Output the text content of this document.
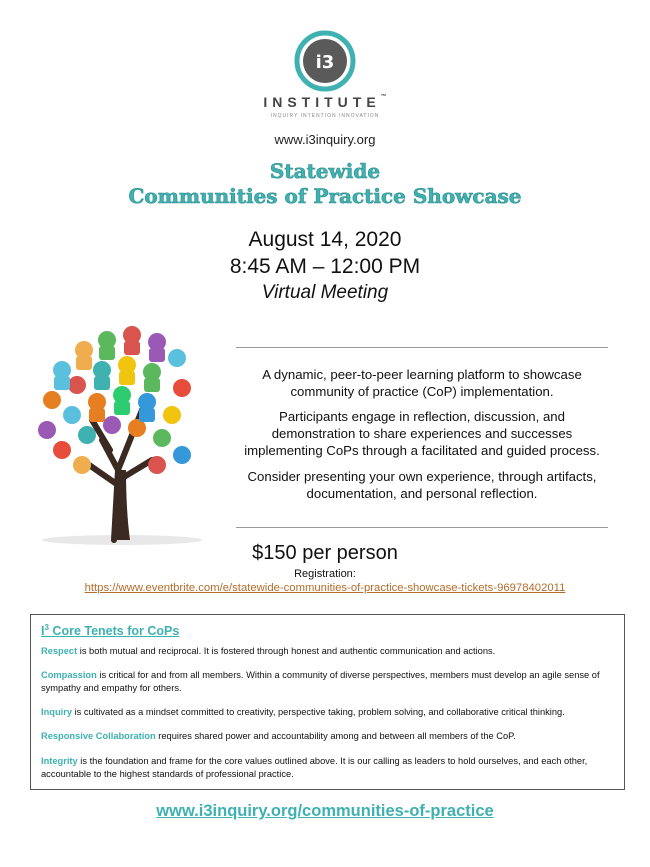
i3
INSTITUTE™
INQUIRY INTENTION INNOVATION
www.i3inquiry.org
Statewide
Communities of Practice Showcase
August 14, 2020
8:45 AM – 12:00 PM
Virtual Meeting
A dynamic, peer-to-peer learning platform to showcase community of practice (CoP) implementation.
Participants engage in reflection, discussion, and demonstration to share experiences and successes implementing CoPs through a facilitated and guided process.
Consider presenting your own experience, through artifacts, documentation, and personal reflection.
$150 per person
Registration:
https://www.eventbrite.com/e/statewide-communities-of-practice-showcase-tickets-96978402011
$I^3$ Core Tenets for CoPs
Respect is both mutual and reciprocal. It is fostered through honest and authentic communication and actions.
Compassion is critical for and from all members. Within a community of diverse perspectives, members must develop an agile sense of sympathy and empathy for others.
Inquiry is cultivated as a mindset committed to creativity, perspective taking, problem solving, and collaborative critical thinking.
Responsive Collaboration requires shared power and accountability among and between all members of the CoP.
Integrity is the foundation and frame for the core values outlined above. It is our calling as leaders to hold ourselves, and each other, accountable to the highest standards of professional practice.
www.i3inquiry.org/communities-of-practice
